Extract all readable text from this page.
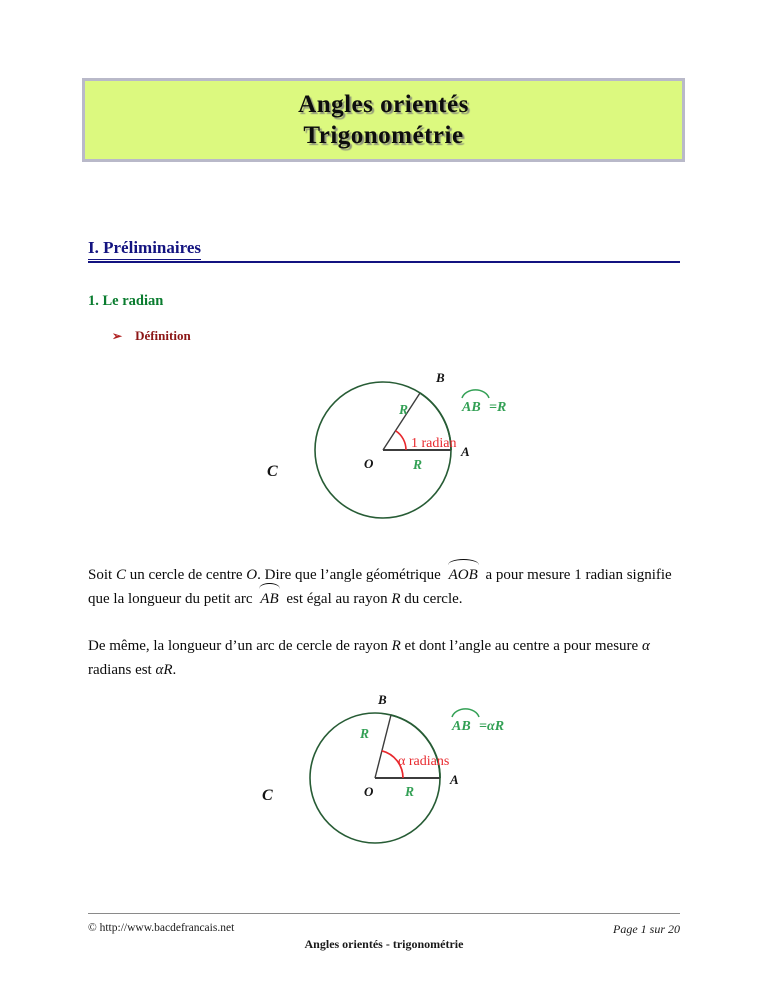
Angles orientés
Trigonométrie
I. Préliminaires
1. Le radian
➢ Définition
B
A
O
C
R
R
1 radian
AB =R
Soit C un cercle de centre O. Dire que l’angle géométrique AOB a pour mesure 1 radian signifie que la longueur du petit arc AB est égal au rayon R du cercle.
De même, la longueur d’un arc de cercle de rayon R et dont l’angle au centre a pour mesure α radians est αR.
B
A
O
C
R
R
α radians
AB =αR
© http://www.bacdefrancais.net	Page 1 sur 20
Angles orientés - trigonométrie
